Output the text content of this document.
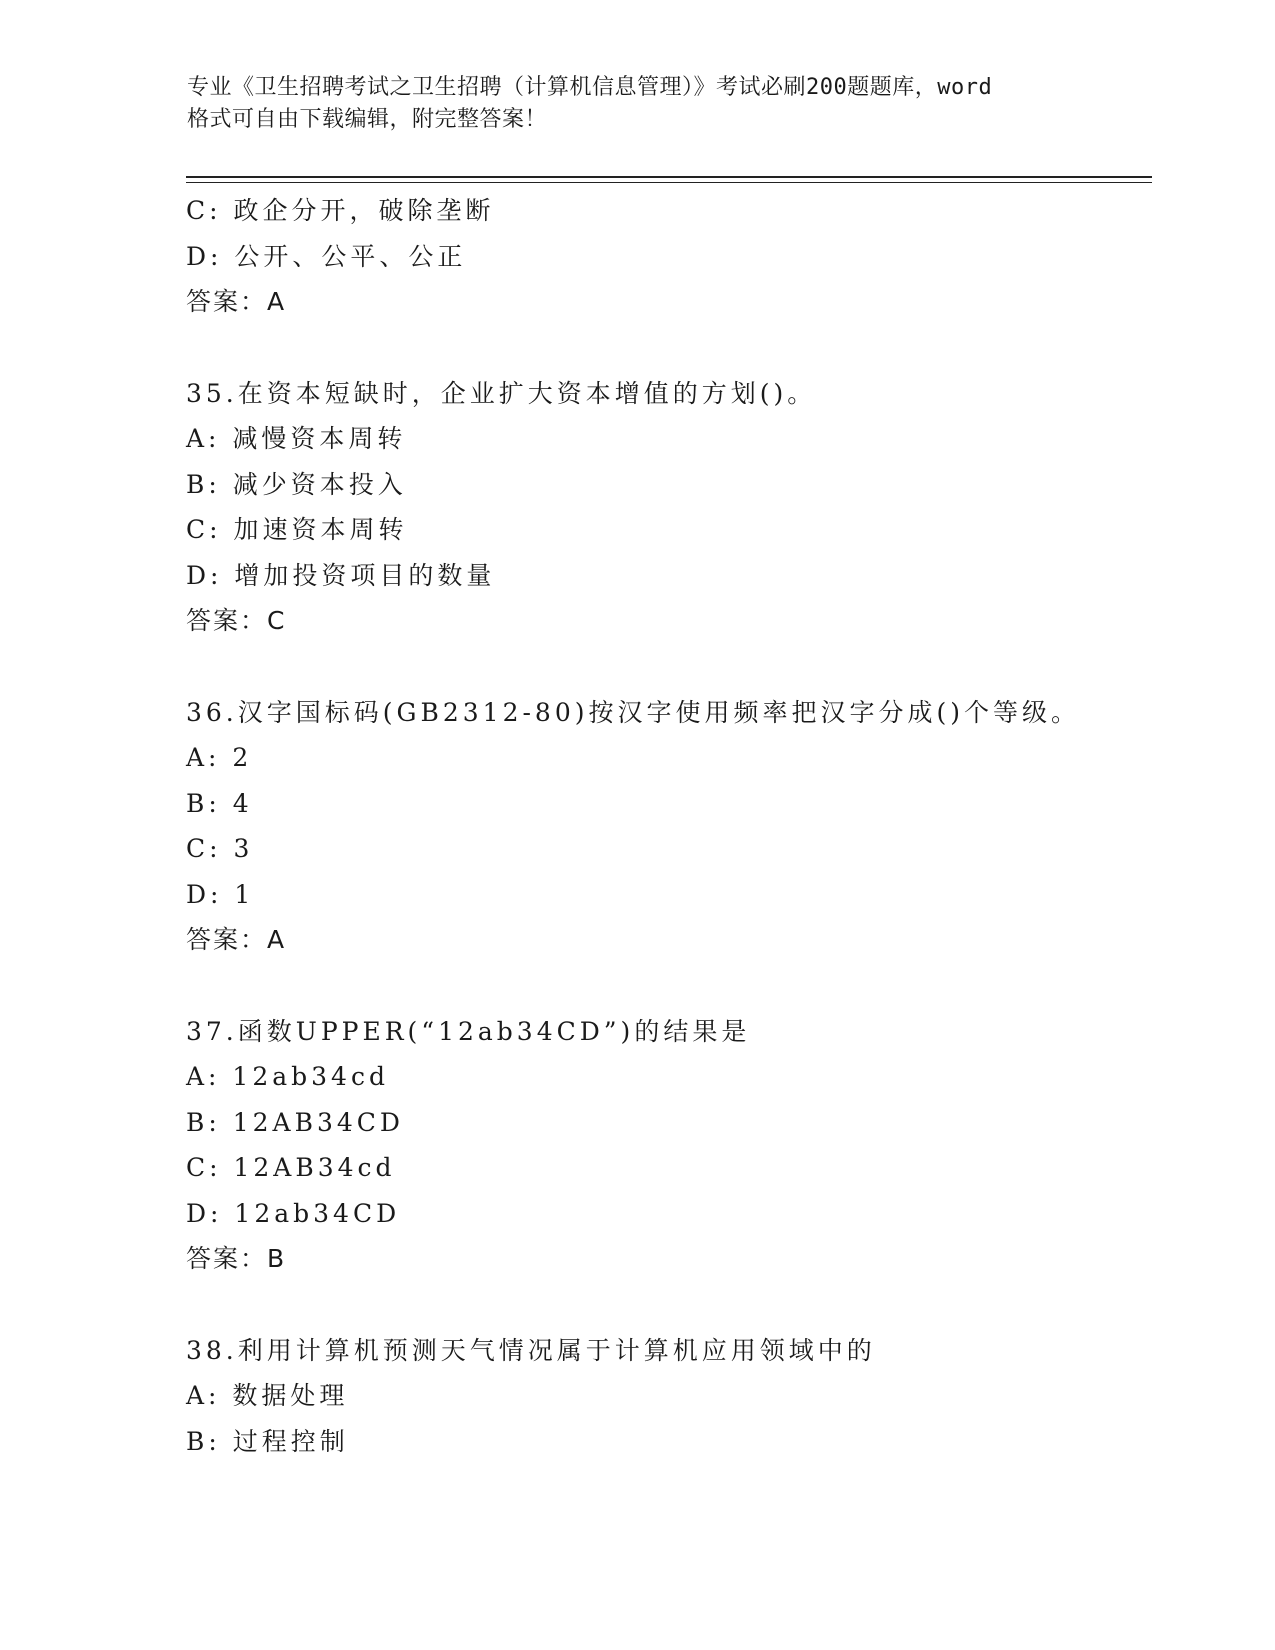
专业《卫生招聘考试之卫生招聘（计算机信息管理）》考试必刷200题题库，word
格式可自由下载编辑，附完整答案！
C: 政企分开，破除垄断
D: 公开、公平、公正
答案：A
35.在资本短缺时，企业扩大资本增值的方划()。
A: 减慢资本周转
B: 减少资本投入
C: 加速资本周转
D: 增加投资项目的数量
答案：C
36.汉字国标码(GB2312-80)按汉字使用频率把汉字分成()个等级。
A: 2
B: 4
C: 3
D: 1
答案：A
37.函数UPPER(“12ab34CD”)的结果是
A: 12ab34cd
B: 12AB34CD
C: 12AB34cd
D: 12ab34CD
答案：B
38.利用计算机预测天气情况属于计算机应用领域中的
A: 数据处理
B: 过程控制
